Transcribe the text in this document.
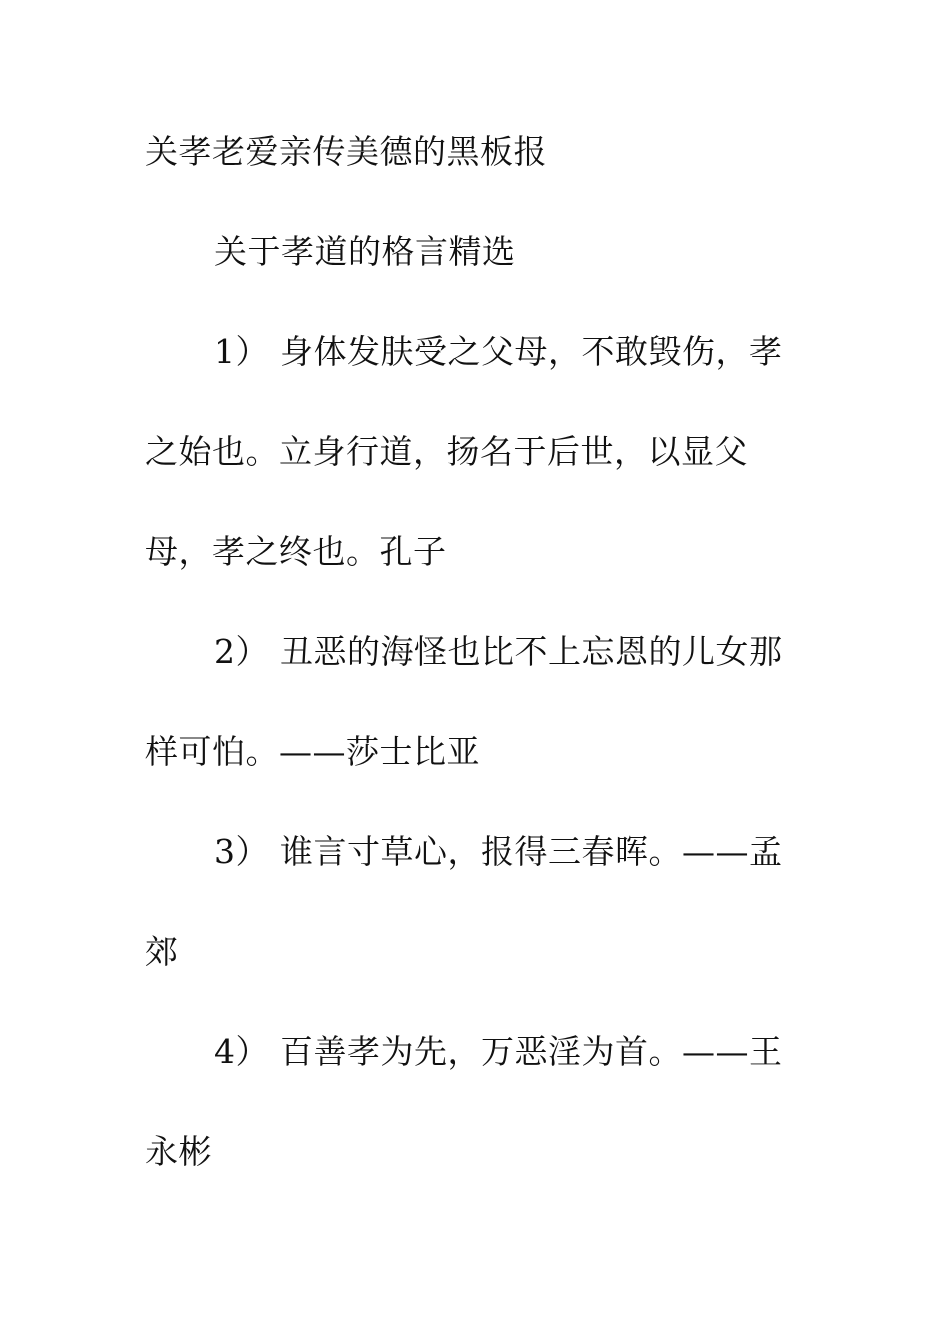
关孝老爱亲传美德的黑板报
关于孝道的格言精选
1） 身体发肤受之父母，不敢毁伤，孝
之始也。立身行道，扬名于后世，以显父
母，孝之终也。孔子
2） 丑恶的海怪也比不上忘恩的儿女那
样可怕。——莎士比亚
3） 谁言寸草心，报得三春晖。——孟
郊
4） 百善孝为先，万恶淫为首。——王
永彬
